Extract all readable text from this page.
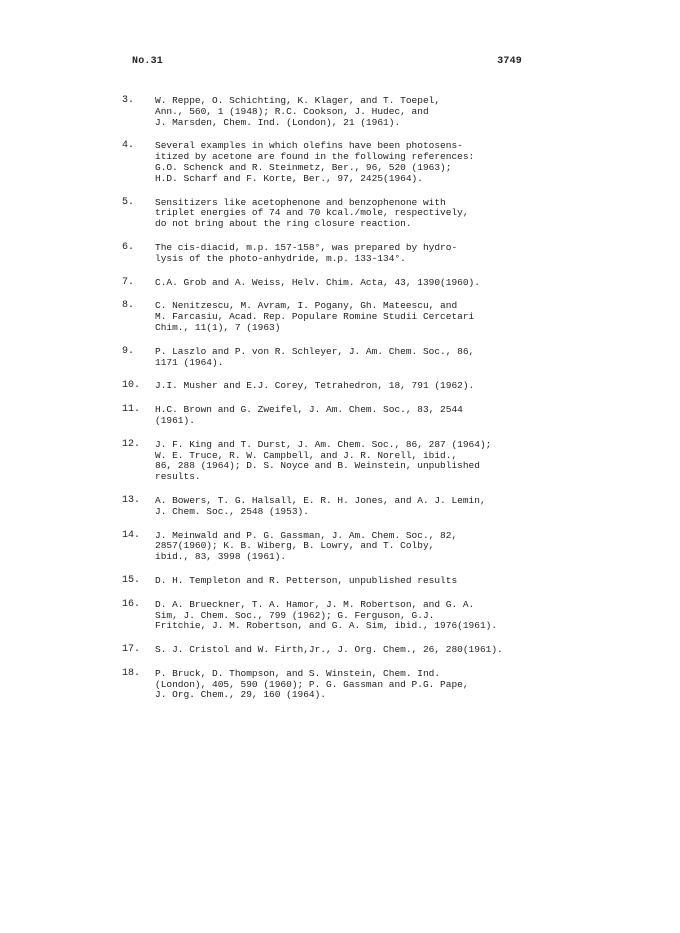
No.31	3749
3.	W. Reppe, O. Schichting, K. Klager, and T. Toepel,
Ann., 560, 1 (1948); R.C. Cookson, J. Hudec, and
J. Marsden, Chem. Ind. (London), 21 (1961).
4.	Several examples in which olefins have been photosens-
itized by acetone are found in the following references:
G.O. Schenck and R. Steinmetz, Ber., 96, 520 (1963);
H.D. Scharf and F. Korte, Ber., 97, 2425(1964).
5.	Sensitizers like acetophenone and benzophenone with
triplet energies of 74 and 70 kcal./mole, respectively,
do not bring about the ring closure reaction.
6.	The cis-diacid, m.p. 157-158°, was prepared by hydro-
lysis of the photo-anhydride, m.p. 133-134°.
7.	C.A. Grob and A. Weiss, Helv. Chim. Acta, 43, 1390(1960).
8.	C. Nenitzescu, M. Avram, I. Pogany, Gh. Mateescu, and
M. Farcasiu, Acad. Rep. Populare Romine Studii Cercetari
Chim., 11(1), 7 (1963)
9.	P. Laszlo and P. von R. Schleyer, J. Am. Chem. Soc., 86,
1171 (1964).
10.	J.I. Musher and E.J. Corey, Tetrahedron, 18, 791 (1962).
11.	H.C. Brown and G. Zweifel, J. Am. Chem. Soc., 83, 2544
(1961).
12.	J. F. King and T. Durst, J. Am. Chem. Soc., 86, 287 (1964);
W. E. Truce, R. W. Campbell, and J. R. Norell, ibid.,
86, 288 (1964); D. S. Noyce and B. Weinstein, unpublished
results.
13.	A. Bowers, T. G. Halsall, E. R. H. Jones, and A. J. Lemin,
J. Chem. Soc., 2548 (1953).
14.	J. Meinwald and P. G. Gassman, J. Am. Chem. Soc., 82,
2857(1960); K. B. Wiberg, B. Lowry, and T. Colby,
ibid., 83, 3998 (1961).
15.	D. H. Templeton and R. Petterson, unpublished results
16.	D. A. Brueckner, T. A. Hamor, J. M. Robertson, and G. A.
Sim, J. Chem. Soc., 799 (1962); G. Ferguson, G.J.
Fritchie, J. M. Robertson, and G. A. Sim, ibid., 1976(1961).
17.	S. J. Cristol and W. Firth,Jr., J. Org. Chem., 26, 280(1961).
18.	P. Bruck, D. Thompson, and S. Winstein, Chem. Ind.
(London), 405, 590 (1960); P. G. Gassman and P.G. Pape,
J. Org. Chem., 29, 160 (1964).
